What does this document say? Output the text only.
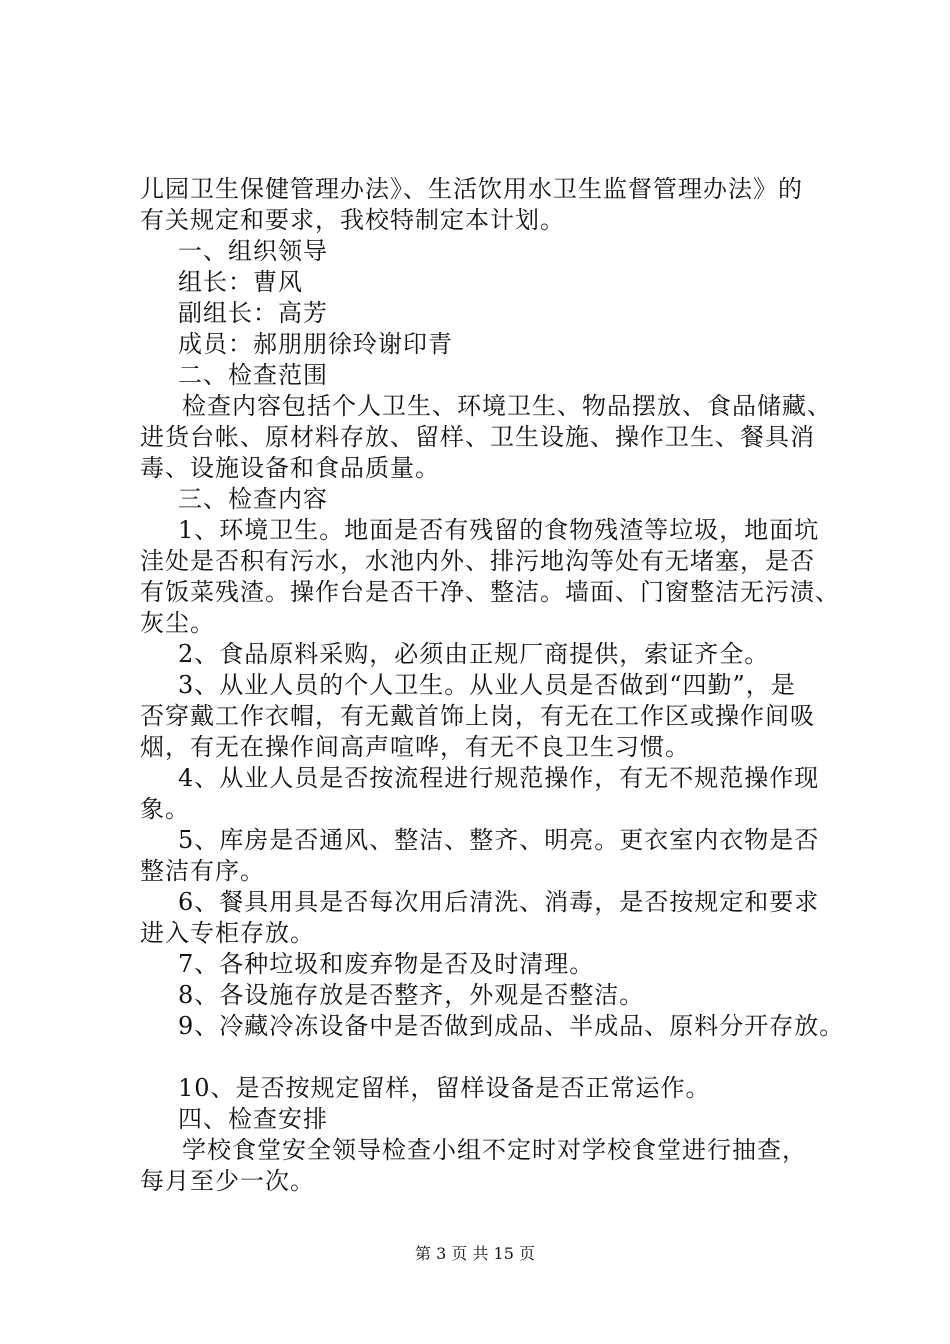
儿园卫生保健管理办法》、生活饮用水卫生监督管理办法》的
有关规定和要求，我校特制定本计划。
一、组织领导
组长：曹风
副组长：高芳
成员：郝朋朋徐玲谢印青
二、检查范围
检查内容包括个人卫生、环境卫生、物品摆放、食品储藏、
进货台帐、原材料存放、留样、卫生设施、操作卫生、餐具消
毒、设施设备和食品质量。
三、检查内容
1、环境卫生。地面是否有残留的食物残渣等垃圾，地面坑
洼处是否积有污水，水池内外、排污地沟等处有无堵塞，是否
有饭菜残渣。操作台是否干净、整洁。墙面、门窗整洁无污渍、
灰尘。
2、食品原料采购，必须由正规厂商提供，索证齐全。
3、从业人员的个人卫生。从业人员是否做到“四勤”，是
否穿戴工作衣帽，有无戴首饰上岗，有无在工作区或操作间吸
烟，有无在操作间高声喧哗，有无不良卫生习惯。
4、从业人员是否按流程进行规范操作，有无不规范操作现
象。
5、库房是否通风、整洁、整齐、明亮。更衣室内衣物是否
整洁有序。
6、餐具用具是否每次用后清洗、消毒，是否按规定和要求
进入专柜存放。
7、各种垃圾和废弃物是否及时清理。
8、各设施存放是否整齐，外观是否整洁。
9、冷藏冷冻设备中是否做到成品、半成品、原料分开存放。
10、是否按规定留样，留样设备是否正常运作。
四、检查安排
学校食堂安全领导检查小组不定时对学校食堂进行抽查，
每月至少一次。
第 3 页 共 15 页
